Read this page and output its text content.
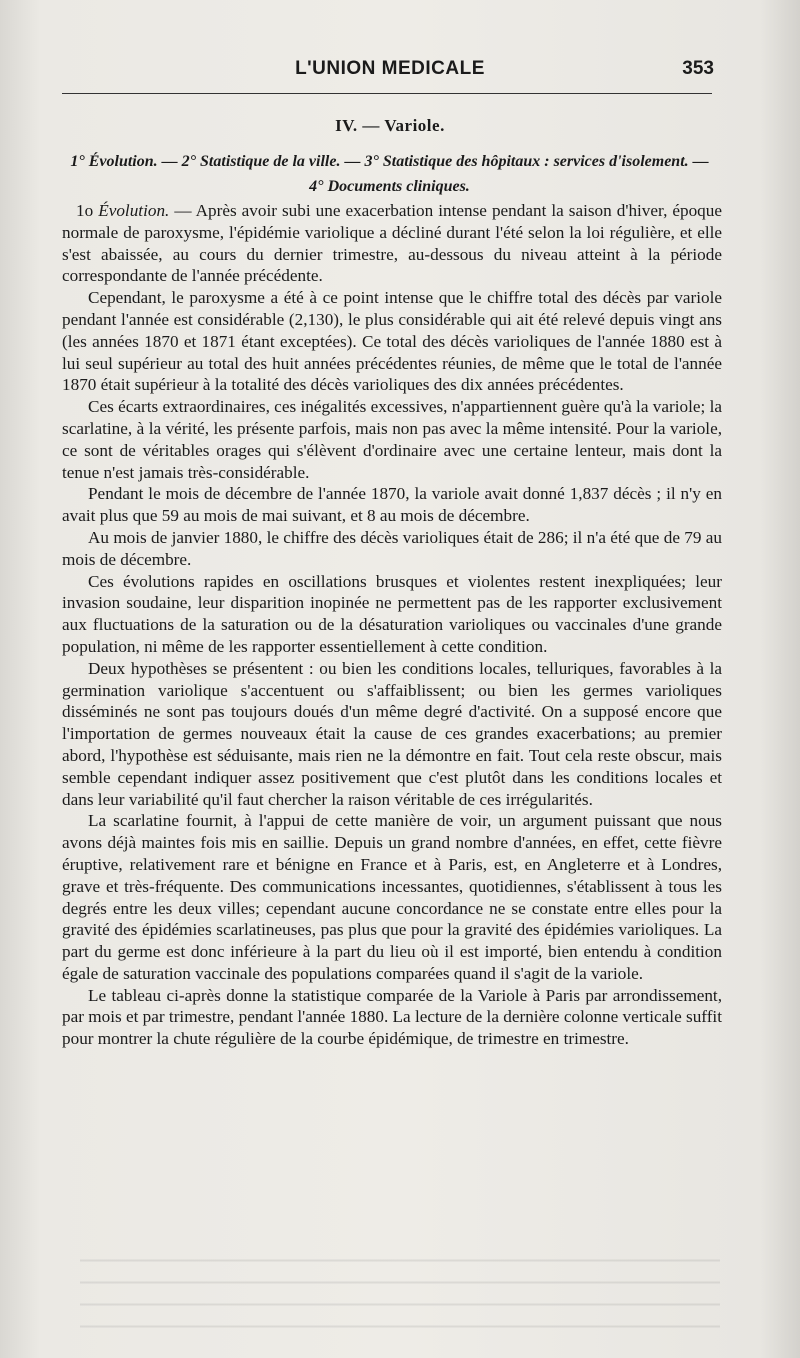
L'UNION MEDICALE	353
IV. — Variole.
1° Évolution. — 2° Statistique de la ville. — 3° Statistique des hôpitaux : services d'isolement. — 4° Documents cliniques.

1o Évolution. — Après avoir subi une exacerbation intense pendant la saison d'hiver, époque normale de paroxysme, l'épidémie variolique a décliné durant l'été selon la loi régulière, et elle s'est abaissée, au cours du dernier trimestre, au-dessous du niveau atteint à la période correspondante de l'année précédente.

Cependant, le paroxysme a été à ce point intense que le chiffre total des décès par variole pendant l'année est considérable (2,130), le plus considérable qui ait été relevé depuis vingt ans (les années 1870 et 1871 étant exceptées). Ce total des décès varioliques de l'année 1880 est à lui seul supérieur au total des huit années précédentes réunies, de même que le total de l'année 1870 était supérieur à la totalité des décès varioliques des dix années précédentes.

Ces écarts extraordinaires, ces inégalités excessives, n'appartiennent guère qu'à la variole; la scarlatine, à la vérité, les présente parfois, mais non pas avec la même intensité. Pour la variole, ce sont de véritables orages qui s'élèvent d'ordinaire avec une certaine lenteur, mais dont la tenue n'est jamais très-considérable.

Pendant le mois de décembre de l'année 1870, la variole avait donné 1,837 décès ; il n'y en avait plus que 59 au mois de mai suivant, et 8 au mois de décembre.

Au mois de janvier 1880, le chiffre des décès varioliques était de 286; il n'a été que de 79 au mois de décembre.

Ces évolutions rapides en oscillations brusques et violentes restent inexpliquées; leur invasion soudaine, leur disparition inopinée ne permettent pas de les rapporter exclusivement aux fluctuations de la saturation ou de la désaturation varioliques ou vaccinales d'une grande population, ni même de les rapporter essentiellement à cette condition.

Deux hypothèses se présentent : ou bien les conditions locales, telluriques, favorables à la germination variolique s'accentuent ou s'affaiblissent; ou bien les germes varioliques disséminés ne sont pas toujours doués d'un même degré d'activité. On a supposé encore que l'importation de germes nouveaux était la cause de ces grandes exacerbations; au premier abord, l'hypothèse est séduisante, mais rien ne la démontre en fait. Tout cela reste obscur, mais semble cependant indiquer assez positivement que c'est plutôt dans les conditions locales et dans leur variabilité qu'il faut chercher la raison véritable de ces irrégularités.

La scarlatine fournit, à l'appui de cette manière de voir, un argument puissant que nous avons déjà maintes fois mis en saillie. Depuis un grand nombre d'années, en effet, cette fièvre éruptive, relativement rare et bénigne en France et à Paris, est, en Angleterre et à Londres, grave et très-fréquente. Des communications incessantes, quotidiennes, s'établissent à tous les degrés entre les deux villes; cependant aucune concordance ne se constate entre elles pour la gravité des épidémies scarlatineuses, pas plus que pour la gravité des épidémies varioliques. La part du germe est donc inférieure à la part du lieu où il est importé, bien entendu à condition égale de saturation vaccinale des populations comparées quand il s'agit de la variole.

Le tableau ci-après donne la statistique comparée de la Variole à Paris par arrondissement, par mois et par trimestre, pendant l'année 1880. La lecture de la dernière colonne verticale suffit pour montrer la chute régulière de la courbe épidémique, de trimestre en trimestre.
